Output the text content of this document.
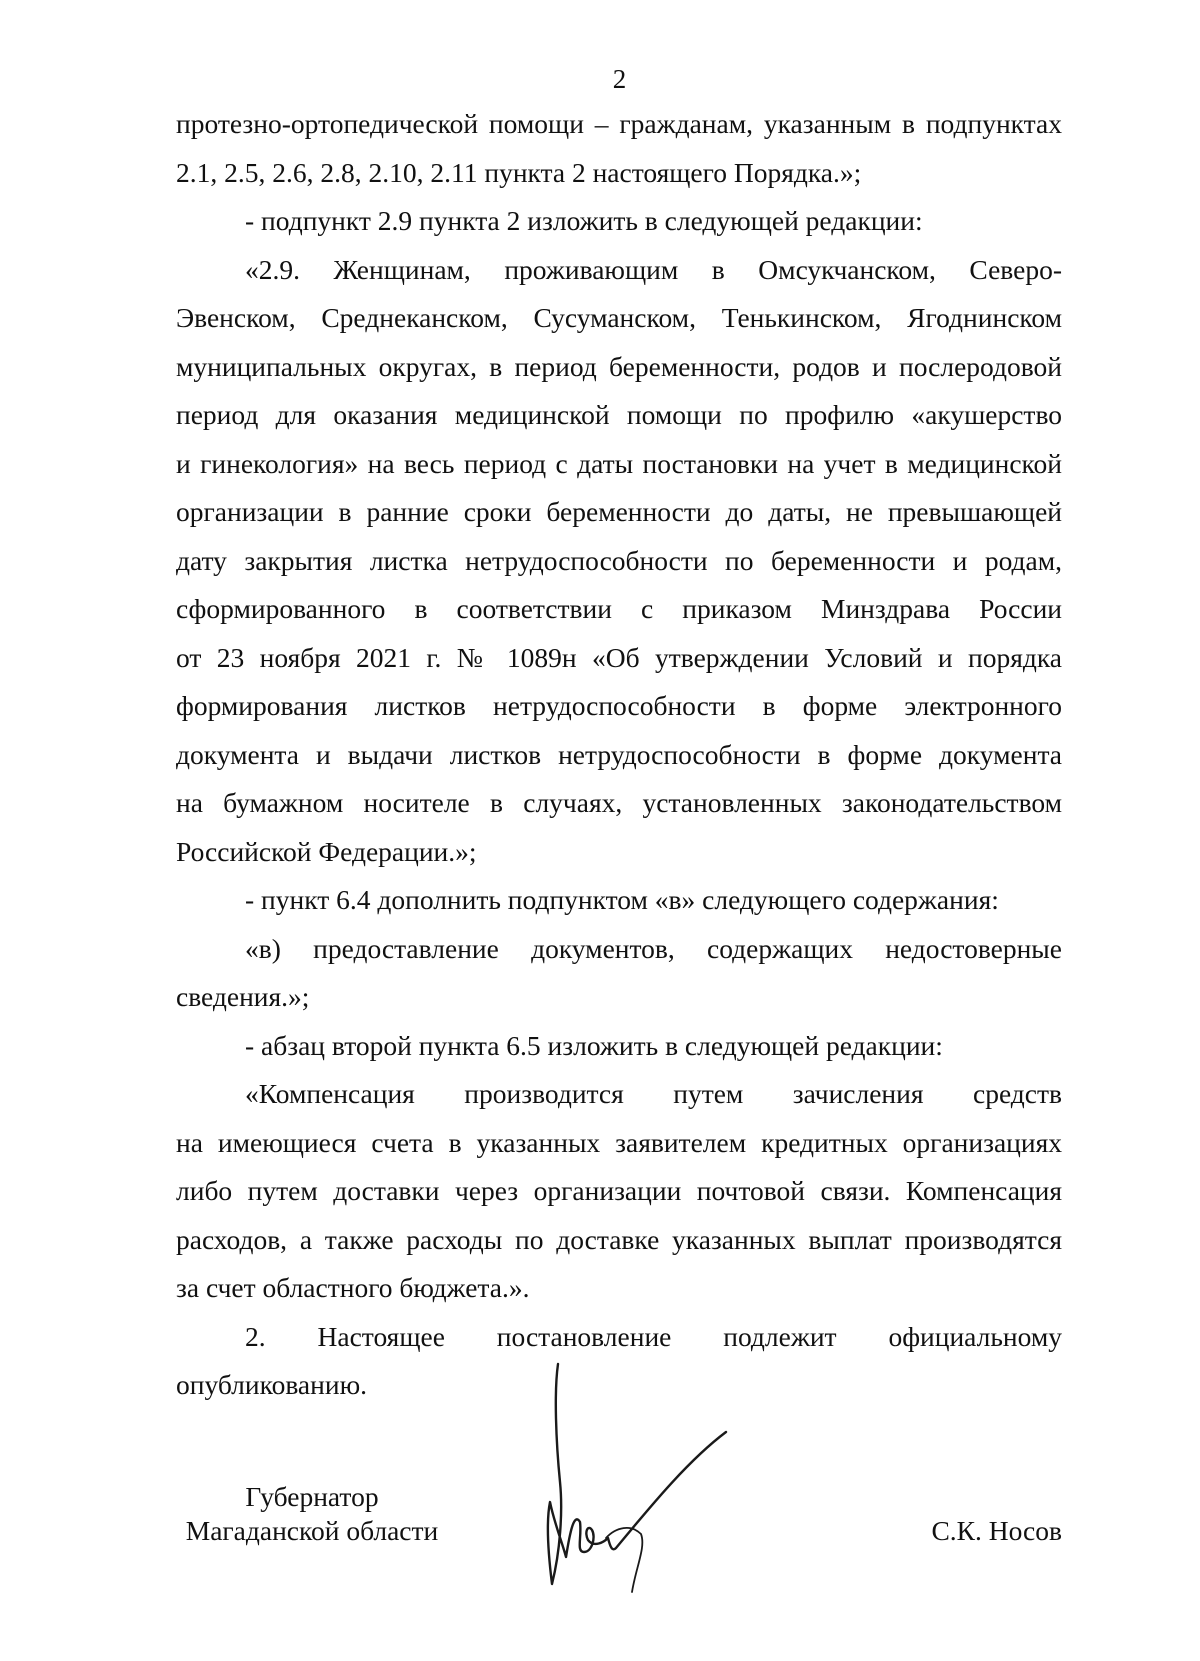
2
протезно-ортопедической помощи – гражданам, указанным в подпунктах
2.1, 2.5, 2.6, 2.8, 2.10, 2.11 пункта 2 настоящего Порядка.»;
- подпункт 2.9 пункта 2 изложить в следующей редакции:
«2.9. Женщинам, проживающим в Омсукчанском, Северо-
Эвенском, Среднеканском, Сусуманском, Тенькинском, Ягоднинском
муниципальных округах, в период беременности, родов и послеродовой
период для оказания медицинской помощи по профилю «акушерство
и гинекология» на весь период с даты постановки на учет в медицинской
организации в ранние сроки беременности до даты, не превышающей
дату закрытия листка нетрудоспособности по беременности и родам,
сформированного в соответствии с приказом Минздрава России
от 23 ноября 2021 г. № 1089н «Об утверждении Условий и порядка
формирования листков нетрудоспособности в форме электронного
документа и выдачи листков нетрудоспособности в форме документа
на бумажном носителе в случаях, установленных законодательством
Российской Федерации.»;
- пункт 6.4 дополнить подпунктом «в» следующего содержания:
«в) предоставление документов, содержащих недостоверные
сведения.»;
- абзац второй пункта 6.5 изложить в следующей редакции:
«Компенсация производится путем зачисления средств
на имеющиеся счета в указанных заявителем кредитных организациях
либо путем доставки через организации почтовой связи. Компенсация
расходов, а также расходы по доставке указанных выплат производятся
за счет областного бюджета.».
2. Настоящее постановление подлежит официальному
опубликованию.
Губернатор
Магаданской области	С.К. Носов
